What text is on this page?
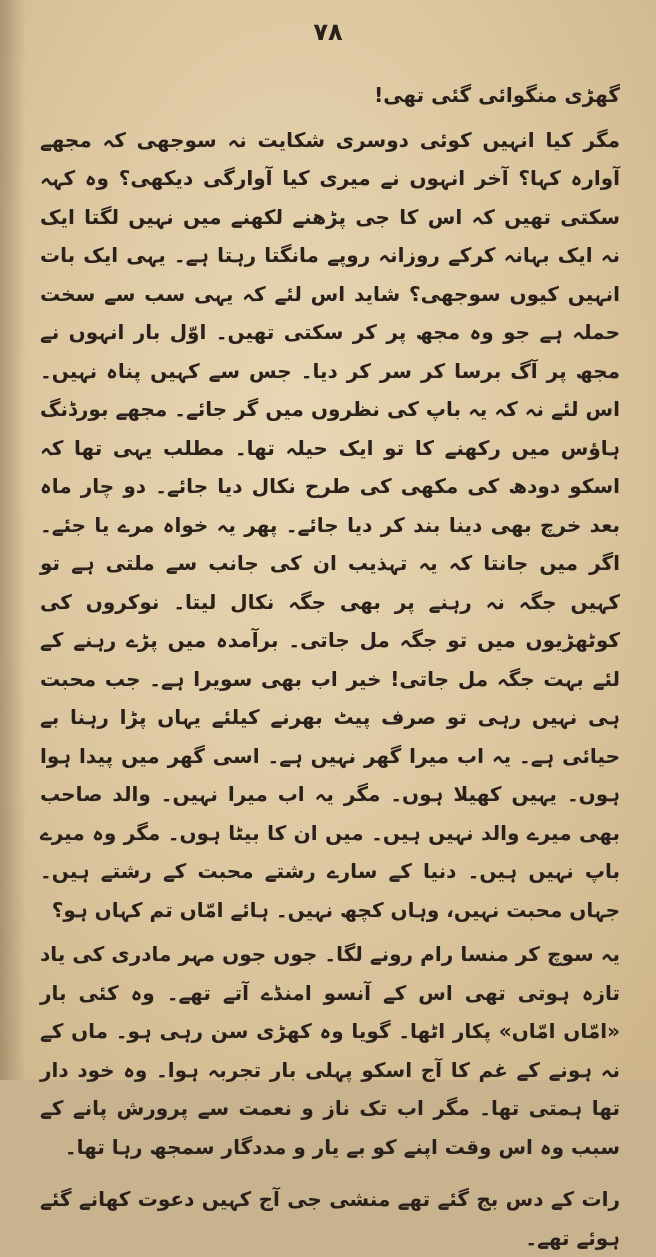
٧٨

گھڑی منگوائی گئی تھی!

مگر کیا انہیں کوئی دوسری شکایت نہ سوجھی کہ مجھے آوارہ کہا؟ آخر انہوں نے میری کیا آوارگی دیکھی؟ وہ کہہ سکتی تھیں کہ اس کا جی پڑھنے لکھنے میں نہیں لگتا ایک نہ ایک بہانہ کرکے روزانہ روپے مانگتا رہتا ہے۔ یہی ایک بات انہیں کیوں سوجھی؟ شاید اس لئے کہ یہی سب سے سخت حملہ ہے جو وہ مجھ پر کر سکتی تھیں۔ اوّل بار انہوں نے مجھ پر آگ برسا کر سر کر دیا۔ جس سے کہیں پناہ نہیں۔ اس لئے نہ کہ یہ باپ کی نظروں میں گر جائے۔ مجھے بورڈنگ ہاؤس میں رکھنے کا تو ایک حیلہ تھا۔ مطلب یہی تھا کہ اسکو دودھ کی مکھی کی طرح نکال دیا جائے۔ دو چار ماہ بعد خرچ بھی دینا بند کر دیا جائے۔ پھر یہ خواہ مرے یا جئے۔ اگر میں جانتا کہ یہ تہذیب ان کی جانب سے ملتی ہے تو کہیں جگہ نہ رہنے پر بھی جگہ نکال لیتا۔ نوکروں کی کوٹھڑیوں میں تو جگہ مل جاتی۔ برآمدہ میں پڑے رہنے کے لئے بہت جگہ مل جاتی! خیر اب بھی سویرا ہے۔ جب محبت ہی نہیں رہی تو صرف پیٹ بھرنے کیلئے یہاں پڑا رہنا بے حیائی ہے۔ یہ اب میرا گھر نہیں ہے۔ اسی گھر میں پیدا ہوا ہوں۔ یہیں کھیلا ہوں۔ مگر یہ اب میرا نہیں۔ والد صاحب بھی میرے والد نہیں ہیں۔ میں ان کا بیٹا ہوں۔ مگر وہ میرے باپ نہیں ہیں۔ دنیا کے سارے رشتے محبت کے رشتے ہیں۔ جہاں محبت نہیں، وہاں کچھ نہیں۔ ہائے امّاں تم کہاں ہو؟

یہ سوچ کر منسا رام رونے لگا۔ جوں جوں مہر مادری کی یاد تازہ ہوتی تھی اس کے آنسو امنڈے آتے تھے۔ وہ کئی بار «امّاں امّاں» پکار اٹھا۔ گویا وہ کھڑی سن رہی ہو۔ ماں کے نہ ہونے کے غم کا آج اسکو پہلی بار تجربہ ہوا۔ وہ خود دار تھا ہمتی تھا۔ مگر اب تک ناز و نعمت سے پرورش پانے کے سبب وہ اس وقت اپنے کو بے یار و مددگار سمجھ رہا تھا۔

رات کے دس بج گئے تھے منشی جی آج کہیں دعوت کھانے گئے ہوئے تھے۔
